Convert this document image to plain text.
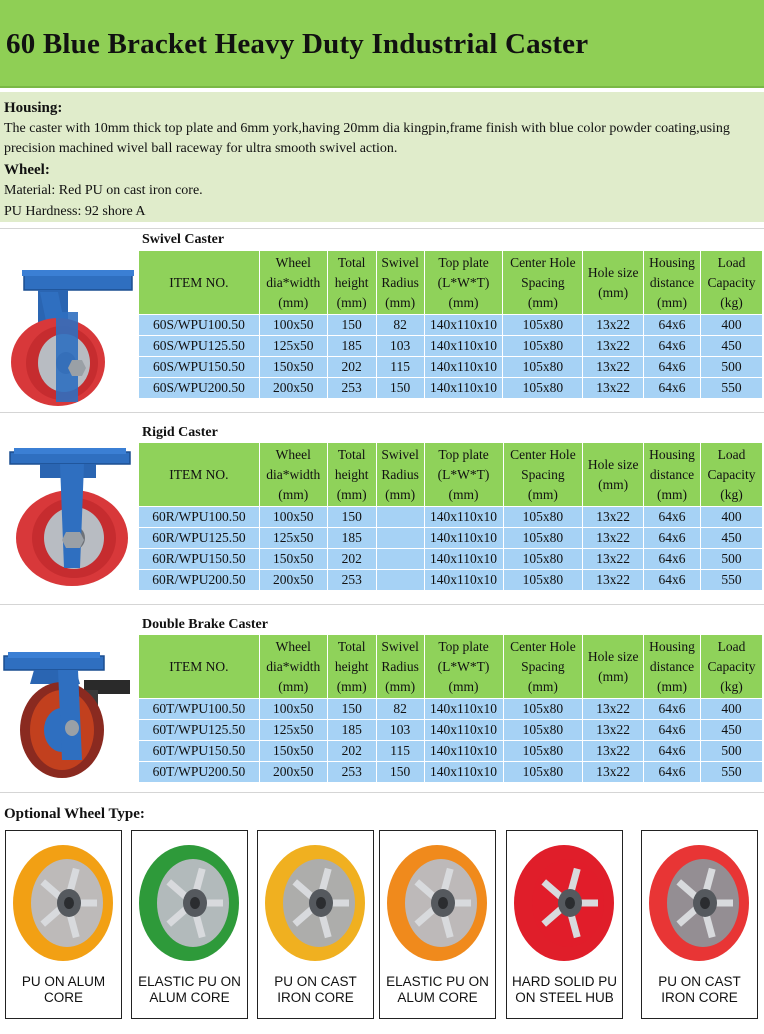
60 Blue Bracket Heavy Duty Industrial Caster
Housing:
The caster with 10mm thick top plate and 6mm york,having 20mm dia kingpin,frame finish with blue color powder coating,using precision machined wivel ball raceway for ultra smooth swivel action.
Wheel:
Material: Red PU on cast iron core.
PU Hardness: 92 shore A
Swivel Caster
ITEM NO.	Wheel
dia*width
(mm)	Total
height
(mm)	Swivel
Radius
(mm)	Top plate
(L*W*T)
(mm)	Center Hole
Spacing
(mm)	Hole size
(mm)	Housing
distance
(mm)	Load
Capacity
(kg)
60S/WPU100.50	100x50	150	82	140x110x10	105x80	13x22	64x6	400
60S/WPU125.50	125x50	185	103	140x110x10	105x80	13x22	64x6	450
60S/WPU150.50	150x50	202	115	140x110x10	105x80	13x22	64x6	500
60S/WPU200.50	200x50	253	150	140x110x10	105x80	13x22	64x6	550
Rigid Caster
ITEM NO.	Wheel
dia*width
(mm)	Total
height
(mm)	Swivel
Radius
(mm)	Top plate
(L*W*T)
(mm)	Center Hole
Spacing
(mm)	Hole size
(mm)	Housing
distance
(mm)	Load
Capacity
(kg)
60R/WPU100.50	100x50	150		140x110x10	105x80	13x22	64x6	400
60R/WPU125.50	125x50	185		140x110x10	105x80	13x22	64x6	450
60R/WPU150.50	150x50	202		140x110x10	105x80	13x22	64x6	500
60R/WPU200.50	200x50	253		140x110x10	105x80	13x22	64x6	550
Double Brake Caster
ITEM NO.	Wheel
dia*width
(mm)	Total
height
(mm)	Swivel
Radius
(mm)	Top plate
(L*W*T)
(mm)	Center Hole
Spacing
(mm)	Hole size
(mm)	Housing
distance
(mm)	Load
Capacity
(kg)
60T/WPU100.50	100x50	150	82	140x110x10	105x80	13x22	64x6	400
60T/WPU125.50	125x50	185	103	140x110x10	105x80	13x22	64x6	450
60T/WPU150.50	150x50	202	115	140x110x10	105x80	13x22	64x6	500
60T/WPU200.50	200x50	253	150	140x110x10	105x80	13x22	64x6	550
Optional Wheel Type:
PU ON ALUM
CORE
ELASTIC PU ON
ALUM CORE
PU ON CAST
IRON CORE
ELASTIC PU ON
ALUM CORE
HARD SOLID PU
ON STEEL HUB
PU ON CAST
IRON CORE
